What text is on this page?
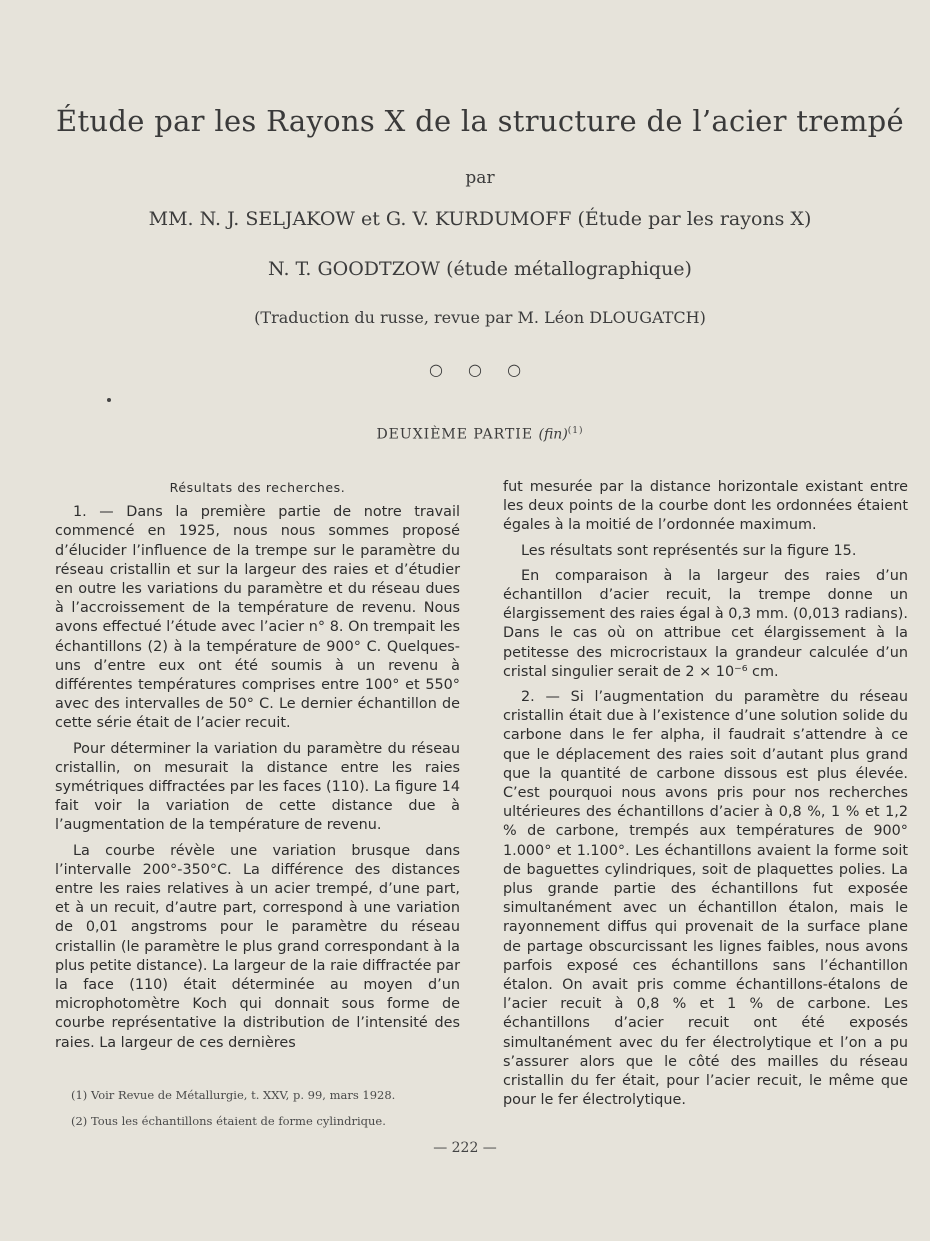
Étude par les Rayons X de la structure de l’acier trempé
par
MM. N. J. SELJAKOW et G. V. KURDUMOFF (Étude par les rayons X)
N. T. GOODTZOW (étude métallographique)
(Traduction du russe, revue par M. Léon DLOUGATCH)
○ ○ ○
DEUXIÈME PARTIE (fin)$^{(1)}$

Résultats des recherches.

1. — Dans la première partie de notre travail commencé en 1925, nous nous sommes proposé d’élucider l’influence de la trempe sur le paramètre du réseau cristallin et sur la largeur des raies et d’étudier en outre les variations du paramètre et du réseau dues à l’accroissement de la température de revenu. Nous avons effectué l’étude avec l’acier n° 8. On trempait les échantillons (2) à la température de 900° C. Quelques-uns d’entre eux ont été soumis à un revenu à différentes températures comprises entre 100° et 550° avec des intervalles de 50° C. Le dernier échantillon de cette série était de l’acier recuit.

Pour déterminer la variation du paramètre du réseau cristallin, on mesurait la distance entre les raies symétriques diffractées par les faces (110). La figure 14 fait voir la variation de cette distance due à l’augmentation de la température de revenu.

La courbe révèle une variation brusque dans l’intervalle 200°-350°C. La différence des distances entre les raies relatives à un acier trempé, d’une part, et à un recuit, d’autre part, correspond à une variation de 0,01 angstroms pour le paramètre du réseau cristallin (le paramètre le plus grand correspondant à la plus petite distance). La largeur de la raie diffractée par la face (110) était déterminée au moyen d’un microphotomètre Koch qui donnait sous forme de courbe représentative la distribution de l’intensité des raies. La largeur de ces dernières

fut mesurée par la distance horizontale existant entre les deux points de la courbe dont les ordonnées étaient égales à la moitié de l’ordonnée maximum.

Les résultats sont représentés sur la figure 15.

En comparaison à la largeur des raies d’un échantillon d’acier recuit, la trempe donne un élargissement des raies égal à 0,3 mm. (0,013 radians). Dans le cas où on attribue cet élargissement à la petitesse des microcristaux la grandeur calculée d’un cristal singulier serait de 2 × 10⁻⁶ cm.

2. — Si l’augmentation du paramètre du réseau cristallin était due à l’existence d’une solution solide du carbone dans le fer alpha, il faudrait s’attendre à ce que le déplacement des raies soit d’autant plus grand que la quantité de carbone dissous est plus élevée. C’est pourquoi nous avons pris pour nos recherches ultérieures des échantillons d’acier à 0,8 %, 1 % et 1,2 % de carbone, trempés aux températures de 900° 1.000° et 1.100°. Les échantillons avaient la forme soit de baguettes cylindriques, soit de plaquettes polies. La plus grande partie des échantillons fut exposée simultanément avec un échantillon étalon, mais le rayonnement diffus qui provenait de la surface plane de partage obscurcissant les lignes faibles, nous avons parfois exposé ces échantillons sans l’échantillon étalon. On avait pris comme échantillons-étalons de l’acier recuit à 0,8 % et 1 % de carbone. Les échantillons d’acier recuit ont été exposés simultanément avec du fer électrolytique et l’on a pu s’assurer alors que le côté des mailles du réseau cristallin du fer était, pour l’acier recuit, le même que pour le fer électrolytique.

(1) Voir Revue de Métallurgie, t. XXV, p. 99, mars 1928.
(2) Tous les échantillons étaient de forme cylindrique.
— 222 —
